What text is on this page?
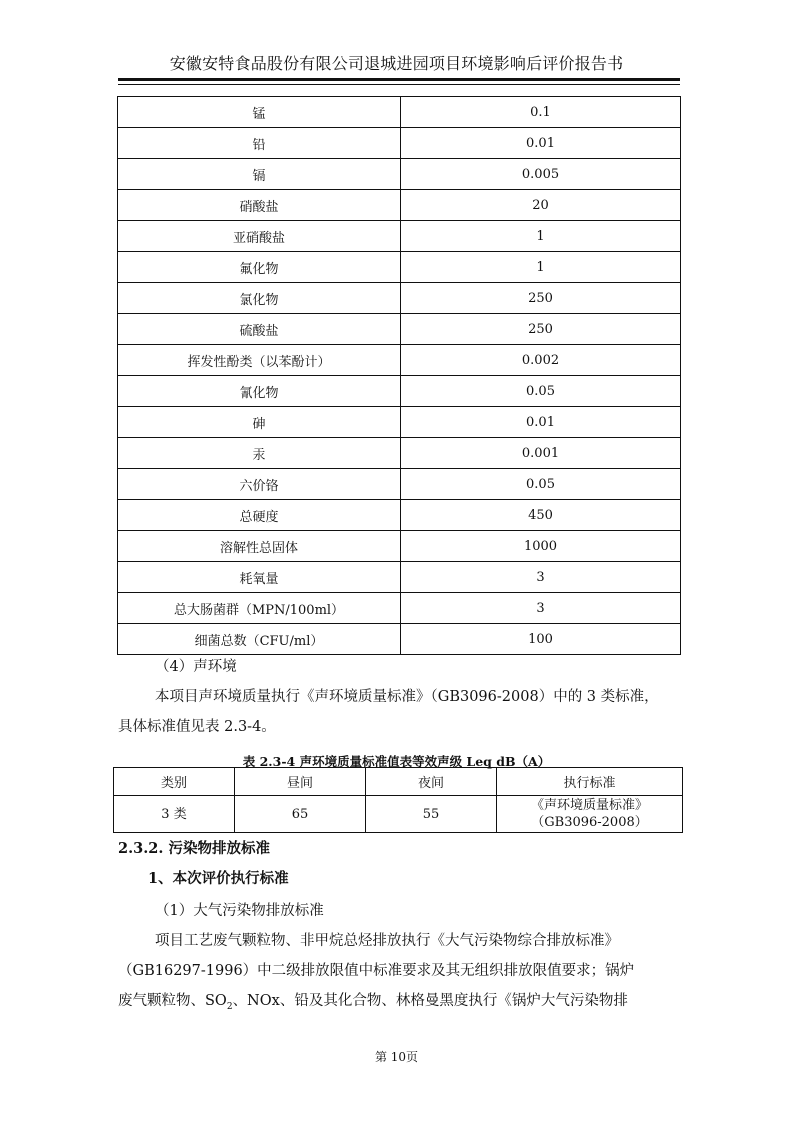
安徽安特食品股份有限公司退城进园项目环境影响后评价报告书
锰	0.1
铅	0.01
镉	0.005
硝酸盐	20
亚硝酸盐	1
氟化物	1
氯化物	250
硫酸盐	250
挥发性酚类（以苯酚计）	0.002
氰化物	0.05
砷	0.01
汞	0.001
六价铬	0.05
总硬度	450
溶解性总固体	1000
耗氧量	3
总大肠菌群（MPN/100ml）	3
细菌总数（CFU/ml）	100
（4）声环境
本项目声环境质量执行《声环境质量标准》（GB3096-2008）中的 3 类标准，
具体标准值见表 2.3-4。
表 2.3-4 声环境质量标准值表等效声级 Leq dB（A）
类别	昼间	夜间	执行标准
3 类	65	55	《声环境质量标准》
（GB3096-2008）
2.3.2. 污染物排放标准
1、本次评价执行标准
（1）大气污染物排放标准
项目工艺废气颗粒物、非甲烷总烃排放执行《大气污染物综合排放标准》
（GB16297-1996）中二级排放限值中标准要求及其无组织排放限值要求；锅炉
废气颗粒物、$SO_2$、NOx、铅及其化合物、林格曼黑度执行《锅炉大气污染物排
第 10页
